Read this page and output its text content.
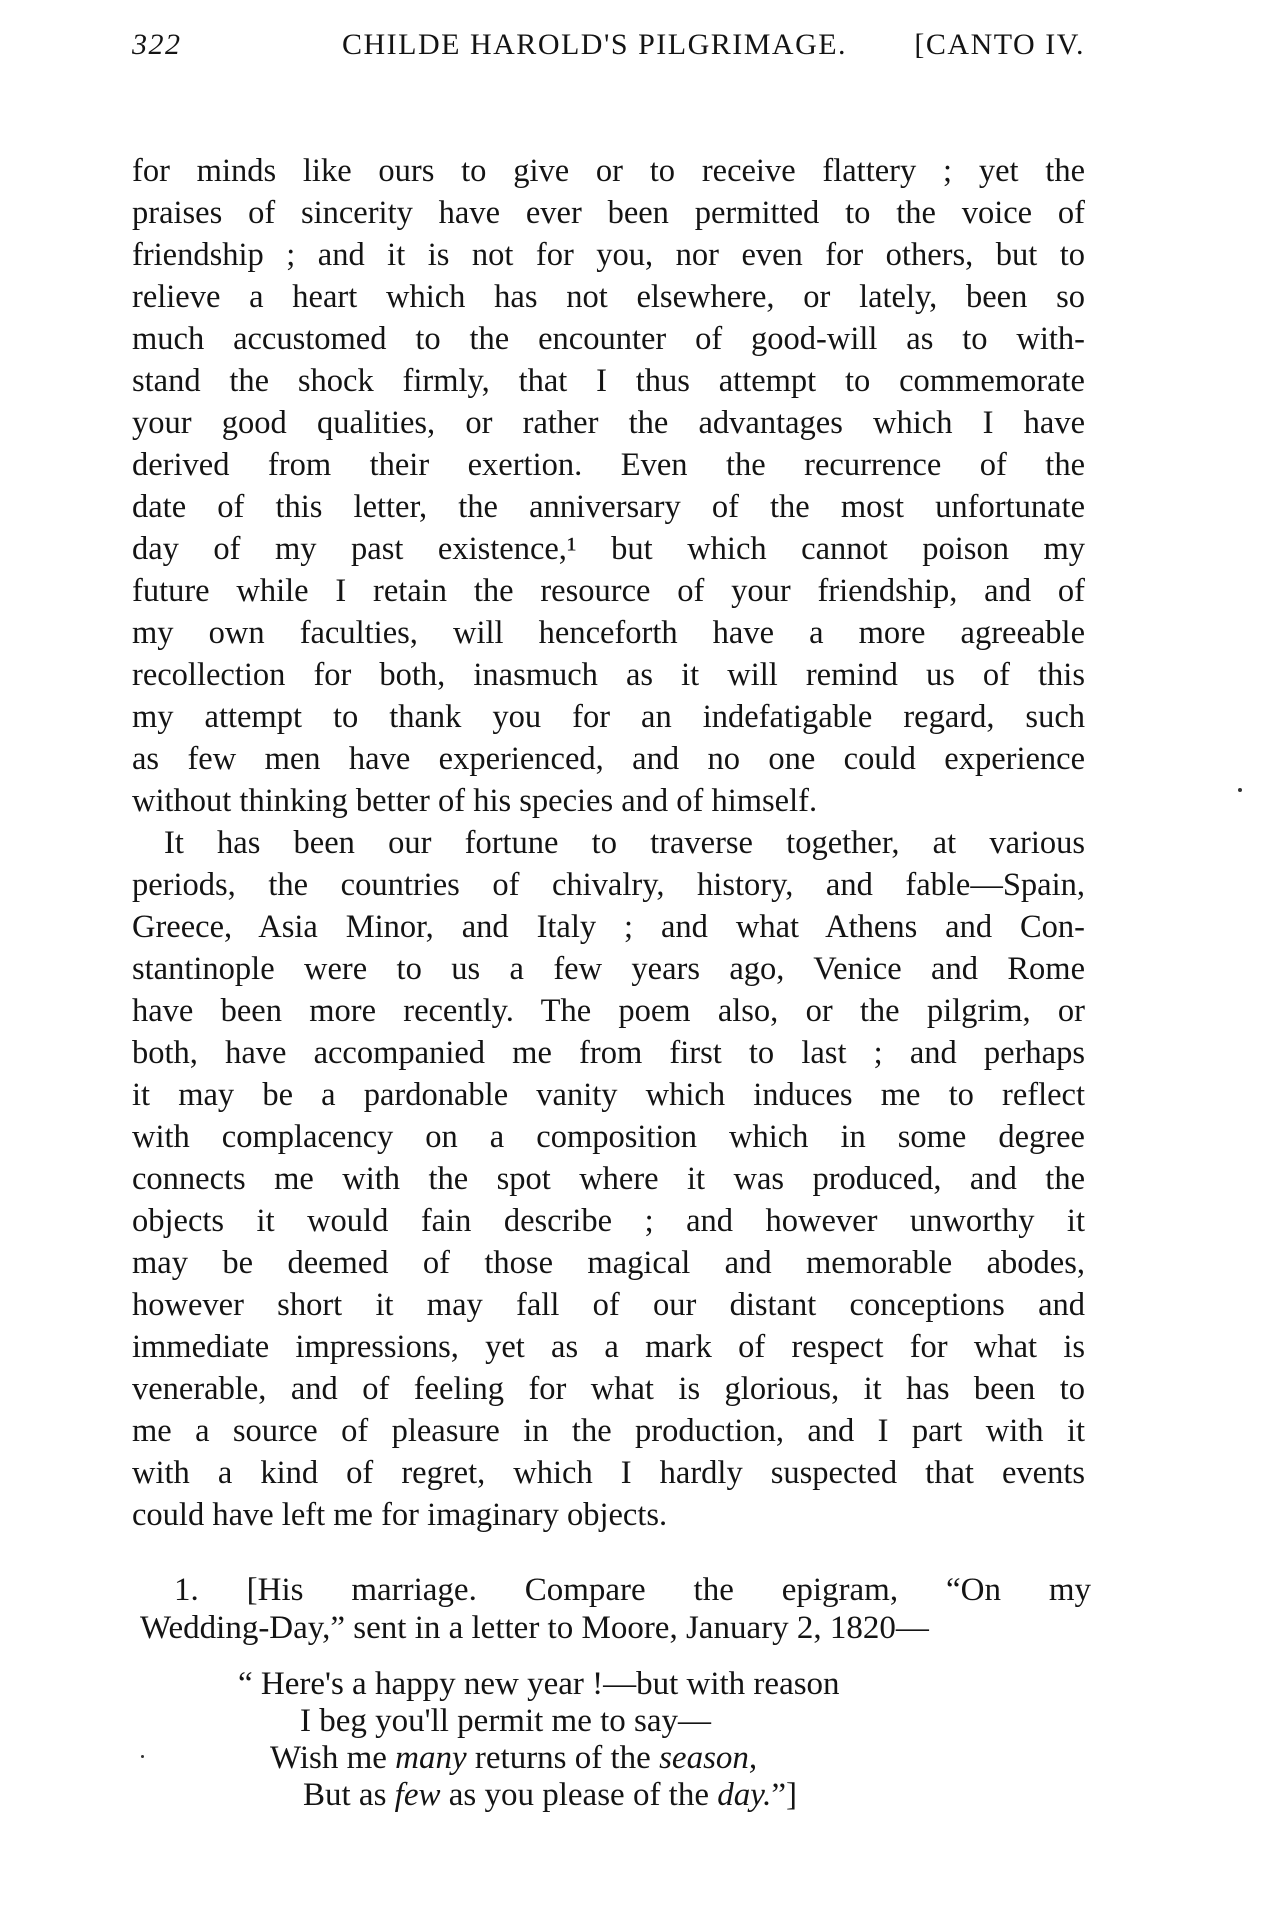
322	CHILDE HAROLD'S PILGRIMAGE. [CANTO IV.
for minds like ours to give or to receive flattery ; yet the
praises of sincerity have ever been permitted to the voice of
friendship ; and it is not for you, nor even for others, but to
relieve a heart which has not elsewhere, or lately, been so
much accustomed to the encounter of good-will as to with-
stand the shock firmly, that I thus attempt to commemorate
your good qualities, or rather the advantages which I have
derived from their exertion. Even the recurrence of the
date of this letter, the anniversary of the most unfortunate
day of my past existence,¹ but which cannot poison my
future while I retain the resource of your friendship, and of
my own faculties, will henceforth have a more agreeable
recollection for both, inasmuch as it will remind us of this
my attempt to thank you for an indefatigable regard, such
as few men have experienced, and no one could experience
without thinking better of his species and of himself.
It has been our fortune to traverse together, at various
periods, the countries of chivalry, history, and fable—Spain,
Greece, Asia Minor, and Italy ; and what Athens and Con-
stantinople were to us a few years ago, Venice and Rome
have been more recently. The poem also, or the pilgrim, or
both, have accompanied me from first to last ; and perhaps
it may be a pardonable vanity which induces me to reflect
with complacency on a composition which in some degree
connects me with the spot where it was produced, and the
objects it would fain describe ; and however unworthy it
may be deemed of those magical and memorable abodes,
however short it may fall of our distant conceptions and
immediate impressions, yet as a mark of respect for what is
venerable, and of feeling for what is glorious, it has been to
me a source of pleasure in the production, and I part with it
with a kind of regret, which I hardly suspected that events
could have left me for imaginary objects.
1. [His marriage. Compare the epigram, “On my
Wedding-Day,” sent in a letter to Moore, January 2, 1820—
“ Here's a happy new year !—but with reason
I beg you'll permit me to say—
Wish me many returns of the season,
But as few as you please of the day.”]
